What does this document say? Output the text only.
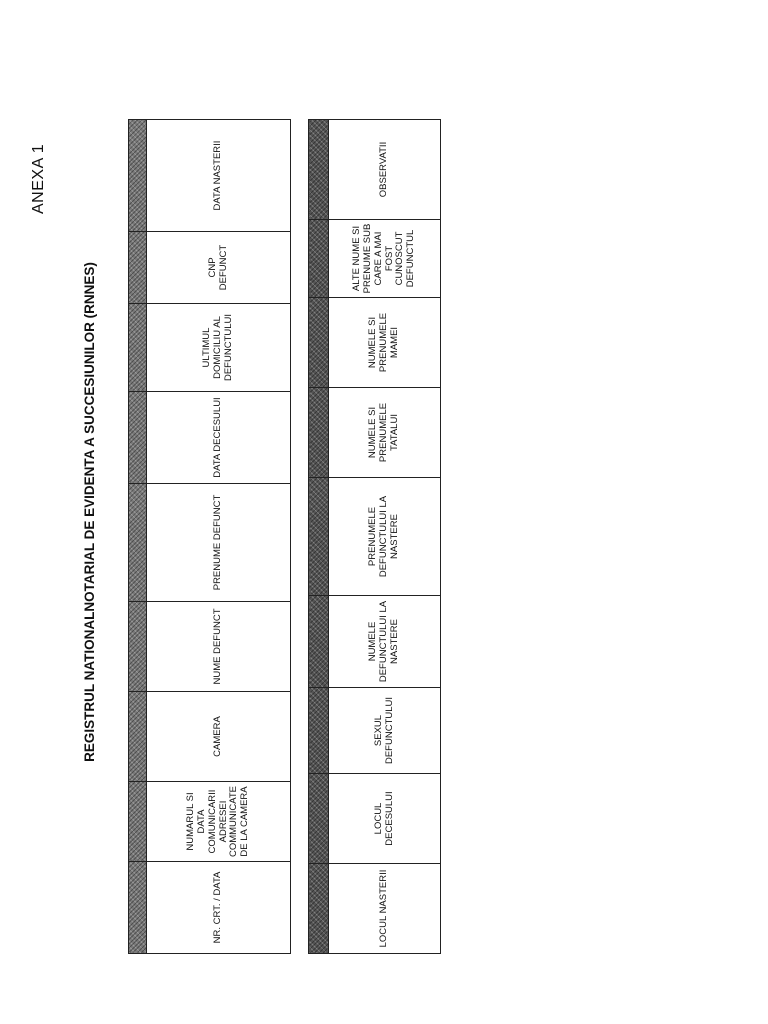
ANEXA 1
REGISTRUL NATIONALNOTARIAL DE EVIDENTA A SUCCESIUNILOR (RNNES)

NR. CRT. / DATA	NUMARUL SI DATA COMUNICARII ADRESEI COMMUNICATE DE LA CAMERA	CAMERA	NUME DEFUNCT	PRENUME DEFUNCT	DATA DECESULUI	ULTIMUL DOMICILIU AL DEFUNCTULUI	CNP DEFUNCT	DATA NASTERII

LOCUL NASTERII	LOCUL DECESULUI	SEXUL DEFUNCTULUI	NUMELE DEFUNCTULUI LA NASTERE	PRENUMELE DEFUNCTULUI LA NASTERE	NUMELE SI PRENUMELE TATALUI	NUMELE SI PRENUMELE MAMEI	ALTE NUME SI PRENUME SUB CARE A MAI FOST CUNOSCUT DEFUNCTUL	OBSERVATII
